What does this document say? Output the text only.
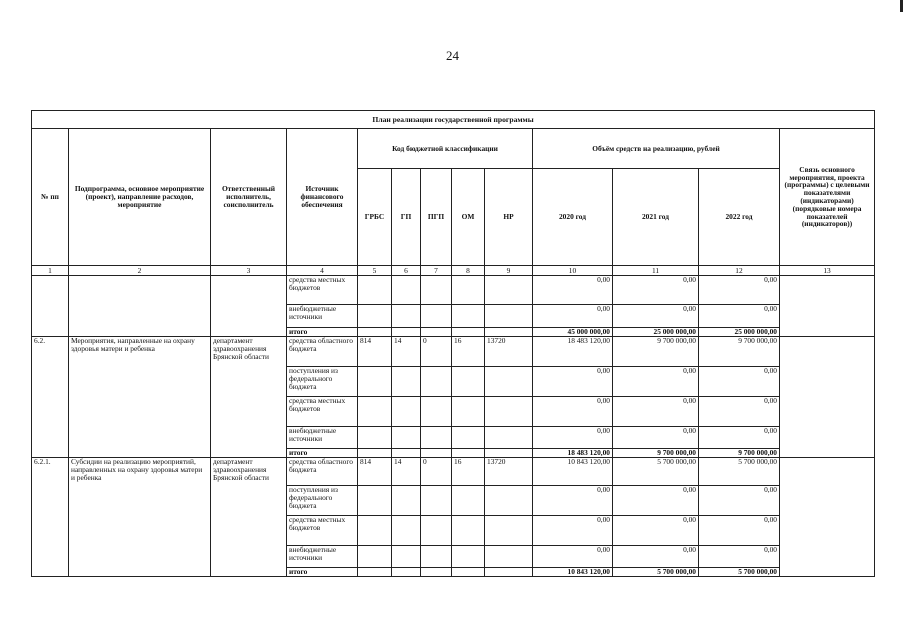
24
План реализации государственной программы												
№ пп	Подпрограмма, основное мероприятие (проект), направление расходов, мероприятие	Ответственный исполнитель, соисполнитель	Источник финансового обеспечения	Код бюджетной классификации					Объём средств на реализацию, рублей			Связь основного мероприятия, проекта (программы) с целевыми показателями (индикаторами) (порядковые номера показателей (индикаторов))
				ГРБС	ГП	ПГП	ОМ	НР	2020 год	2021 год	2022 год	
1	2	3	4	5	6	7	8	9	10	11	12	13
			средства местных бюджетов						0,00	0,00	0,00	
			внебюджетные источники						0,00	0,00	0,00	
			итого						45 000 000,00	25 000 000,00	25 000 000,00	
6.2.	Мероприятия, направленные на охрану здоровья матери и ребенка	департамент здравоохранения Брянской области	средства областного бюджета	814	14	0	16	13720	18 483 120,00	9 700 000,00	9 700 000,00	
			поступления из федерального бюджета						0,00	0,00	0,00	
			средства местных бюджетов						0,00	0,00	0,00	
			внебюджетные источники						0,00	0,00	0,00	
			итого						18 483 120,00	9 700 000,00	9 700 000,00	
6.2.1.	Субсидии на реализацию мероприятий, направленных на охрану здоровья матери и ребенка	департамент здравоохранения Брянской области	средства областного бюджета	814	14	0	16	13720	10 843 120,00	5 700 000,00	5 700 000,00	
			поступления из федерального бюджета						0,00	0,00	0,00	
			средства местных бюджетов						0,00	0,00	0,00	
			внебюджетные источники						0,00	0,00	0,00	
			итого						10 843 120,00	5 700 000,00	5 700 000,00	
